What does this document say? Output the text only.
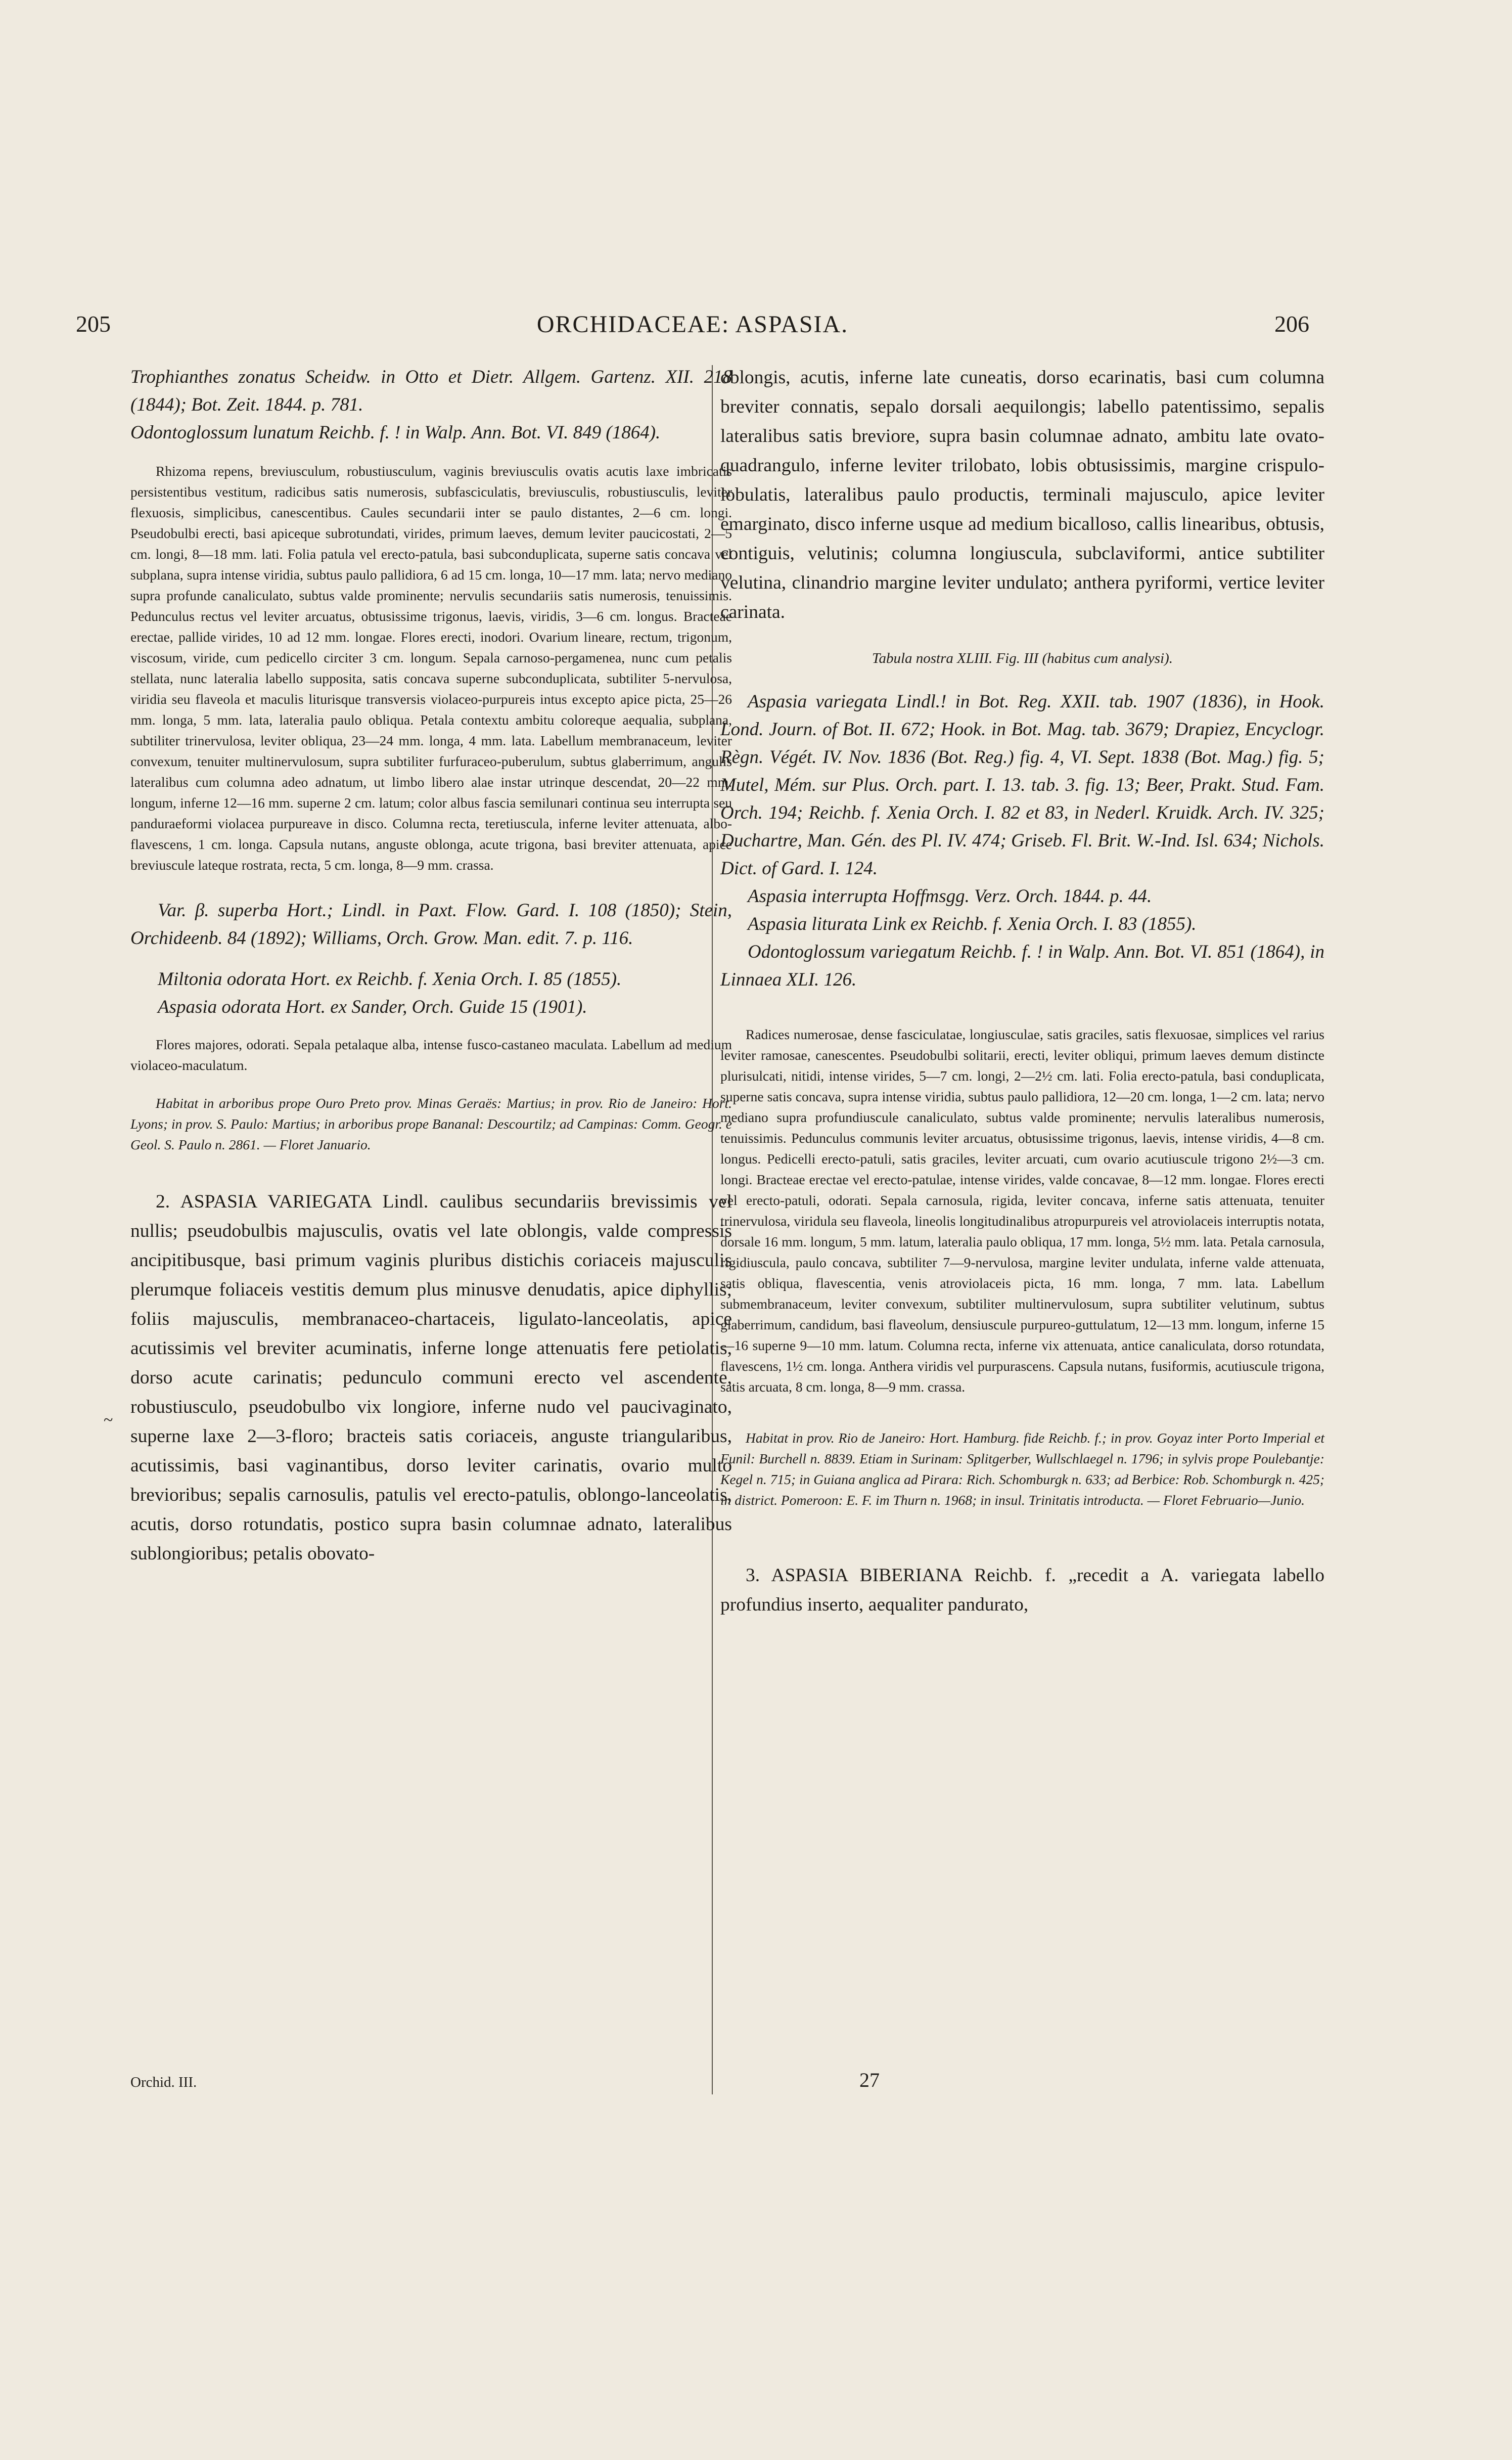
205	ORCHIDACEAE: ASPASIA.	206

Trophianthes zonatus Scheidw. in Otto et Dietr. Allgem. Gartenz. XII. 218 (1844); Bot. Zeit. 1844. p. 781.

Odontoglossum lunatum Reichb. f. ! in Walp. Ann. Bot. VI. 849 (1864).

Rhizoma repens, breviusculum, robustiusculum, vaginis breviusculis ovatis acutis laxe imbricatis persistentibus vestitum, radicibus satis numerosis, subfasciculatis, breviusculis, robustiusculis, leviter flexuosis, simplicibus, canescentibus. Caules secundarii inter se paulo distantes, 2—6 cm. longi. Pseudobulbi erecti, basi apiceque subrotundati, virides, primum laeves, demum leviter paucicostati, 2—5 cm. longi, 8—18 mm. lati. Folia patula vel erecto-patula, basi subconduplicata, superne satis concava vel subplana, supra intense viridia, subtus paulo pallidiora, 6 ad 15 cm. longa, 10—17 mm. lata; nervo mediano supra profunde canaliculato, subtus valde prominente; nervulis secundariis satis numerosis, tenuissimis. Pedunculus rectus vel leviter arcuatus, obtusissime trigonus, laevis, viridis, 3—6 cm. longus. Bracteae erectae, pallide virides, 10 ad 12 mm. longae. Flores erecti, inodori. Ovarium lineare, rectum, trigonum, viscosum, viride, cum pedicello circiter 3 cm. longum. Sepala carnoso-pergamenea, nunc cum petalis stellata, nunc lateralia labello supposita, satis concava superne subconduplicata, subtiliter 5-nervulosa, viridia seu flaveola et maculis liturisque transversis violaceo-purpureis intus excepto apice picta, 25—26 mm. longa, 5 mm. lata, lateralia paulo obliqua. Petala contextu ambitu coloreque aequalia, subplana, subtiliter trinervulosa, leviter obliqua, 23—24 mm. longa, 4 mm. lata. Labellum membranaceum, leviter convexum, tenuiter multinervulosum, supra subtiliter furfuraceo-puberulum, subtus glaberrimum, angulis lateralibus cum columna adeo adnatum, ut limbo libero alae instar utrinque descendat, 20—22 mm. longum, inferne 12—16 mm. superne 2 cm. latum; color albus fascia semilunari continua seu interrupta seu panduraeformi violacea purpureave in disco. Columna recta, teretiuscula, inferne leviter attenuata, albo-flavescens, 1 cm. longa. Capsula nutans, anguste oblonga, acute trigona, basi breviter attenuata, apice breviuscule lateque rostrata, recta, 5 cm. longa, 8—9 mm. crassa.

Var. β. superba Hort.; Lindl. in Paxt. Flow. Gard. I. 108 (1850); Stein, Orchideenb. 84 (1892); Williams, Orch. Grow. Man. edit. 7. p. 116.

Miltonia odorata Hort. ex Reichb. f. Xenia Orch. I. 85 (1855).

Aspasia odorata Hort. ex Sander, Orch. Guide 15 (1901).

Flores majores, odorati. Sepala petalaque alba, intense fusco-castaneo maculata. Labellum ad medium violaceo-maculatum.

Habitat in arboribus prope Ouro Preto prov. Minas Geraës: Martius; in prov. Rio de Janeiro: Hort. Lyons; in prov. S. Paulo: Martius; in arboribus prope Bananal: Descourtilz; ad Campinas: Comm. Geogr. e Geol. S. Paulo n. 2861. — Floret Januario.

2. ASPASIA VARIEGATA Lindl. caulibus secundariis brevissimis vel nullis; pseudobulbis majusculis, ovatis vel late oblongis, valde compressis ancipitibusque, basi primum vaginis pluribus distichis coriaceis majusculis plerumque foliaceis vestitis demum plus minusve denudatis, apice diphyllis; foliis majusculis, membranaceo-chartaceis, ligulato-lanceolatis, apice acutissimis vel breviter acuminatis, inferne longe attenuatis fere petiolatis, dorso acute carinatis; pedunculo communi erecto vel ascendente, robustiusculo, pseudobulbo vix longiore, inferne nudo vel paucivaginato, superne laxe 2—3-floro; bracteis satis coriaceis, anguste triangularibus, acutissimis, basi vaginantibus, dorso leviter carinatis, ovario multo brevioribus; sepalis carnosulis, patulis vel erecto-patulis, oblongo-lanceolatis, acutis, dorso rotundatis, postico supra basin columnae adnato, lateralibus sublongioribus; petalis obovato-

~
Orchid. III.

oblongis, acutis, inferne late cuneatis, dorso ecarinatis, basi cum columna breviter connatis, sepalo dorsali aequilongis; labello patentissimo, sepalis lateralibus satis breviore, supra basin columnae adnato, ambitu late ovato-quadrangulo, inferne leviter trilobato, lobis obtusissimis, margine crispulo-lobulatis, lateralibus paulo productis, terminali majusculo, apice leviter emarginato, disco inferne usque ad medium bicalloso, callis linearibus, obtusis, contiguis, velutinis; columna longiuscula, subclaviformi, antice subtiliter velutina, clinandrio margine leviter undulato; anthera pyriformi, vertice leviter carinata.

Tabula nostra XLIII. Fig. III (habitus cum analysi).

Aspasia variegata Lindl.! in Bot. Reg. XXII. tab. 1907 (1836), in Hook. Lond. Journ. of Bot. II. 672; Hook. in Bot. Mag. tab. 3679; Drapiez, Encyclogr. Règn. Végét. IV. Nov. 1836 (Bot. Reg.) fig. 4, VI. Sept. 1838 (Bot. Mag.) fig. 5; Mutel, Mém. sur Plus. Orch. part. I. 13. tab. 3. fig. 13; Beer, Prakt. Stud. Fam. Orch. 194; Reichb. f. Xenia Orch. I. 82 et 83, in Nederl. Kruidk. Arch. IV. 325; Duchartre, Man. Gén. des Pl. IV. 474; Griseb. Fl. Brit. W.-Ind. Isl. 634; Nichols. Dict. of Gard. I. 124.

Aspasia interrupta Hoffmsgg. Verz. Orch. 1844. p. 44.

Aspasia liturata Link ex Reichb. f. Xenia Orch. I. 83 (1855).

Odontoglossum variegatum Reichb. f. ! in Walp. Ann. Bot. VI. 851 (1864), in Linnaea XLI. 126.

Radices numerosae, dense fasciculatae, longiusculae, satis graciles, satis flexuosae, simplices vel rarius leviter ramosae, canescentes. Pseudobulbi solitarii, erecti, leviter obliqui, primum laeves demum distincte plurisulcati, nitidi, intense virides, 5—7 cm. longi, 2—2½ cm. lati. Folia erecto-patula, basi conduplicata, superne satis concava, supra intense viridia, subtus paulo pallidiora, 12—20 cm. longa, 1—2 cm. lata; nervo mediano supra profundiuscule canaliculato, subtus valde prominente; nervulis lateralibus numerosis, tenuissimis. Pedunculus communis leviter arcuatus, obtusissime trigonus, laevis, intense viridis, 4—8 cm. longus. Pedicelli erecto-patuli, satis graciles, leviter arcuati, cum ovario acutiuscule trigono 2½—3 cm. longi. Bracteae erectae vel erecto-patulae, intense virides, valde concavae, 8—12 mm. longae. Flores erecti vel erecto-patuli, odorati. Sepala carnosula, rigida, leviter concava, inferne satis attenuata, tenuiter trinervulosa, viridula seu flaveola, lineolis longitudinalibus atropurpureis vel atroviolaceis interruptis notata, dorsale 16 mm. longum, 5 mm. latum, lateralia paulo obliqua, 17 mm. longa, 5½ mm. lata. Petala carnosula, rigidiuscula, paulo concava, subtiliter 7—9-nervulosa, margine leviter undulata, inferne valde attenuata, satis obliqua, flavescentia, venis atroviolaceis picta, 16 mm. longa, 7 mm. lata. Labellum submembranaceum, leviter convexum, subtiliter multinervulosum, supra subtiliter velutinum, subtus glaberrimum, candidum, basi flaveolum, densiuscule purpureo-guttulatum, 12—13 mm. longum, inferne 15—16 superne 9—10 mm. latum. Columna recta, inferne vix attenuata, antice canaliculata, dorso rotundata, flavescens, 1½ cm. longa. Anthera viridis vel purpurascens. Capsula nutans, fusiformis, acutiuscule trigona, satis arcuata, 8 cm. longa, 8—9 mm. crassa.

Habitat in prov. Rio de Janeiro: Hort. Hamburg. fide Reichb. f.; in prov. Goyaz inter Porto Imperial et Funil: Burchell n. 8839. Etiam in Surinam: Splitgerber, Wullschlaegel n. 1796; in sylvis prope Poulebantje: Kegel n. 715; in Guiana anglica ad Pirara: Rich. Schomburgk n. 633; ad Berbice: Rob. Schomburgk n. 425; in district. Pomeroon: E. F. im Thurn n. 1968; in insul. Trinitatis introducta. — Floret Februario—Junio.

3. ASPASIA BIBERIANA Reichb. f. „recedit a A. variegata labello profundius inserto, aequaliter pandurato,

27
